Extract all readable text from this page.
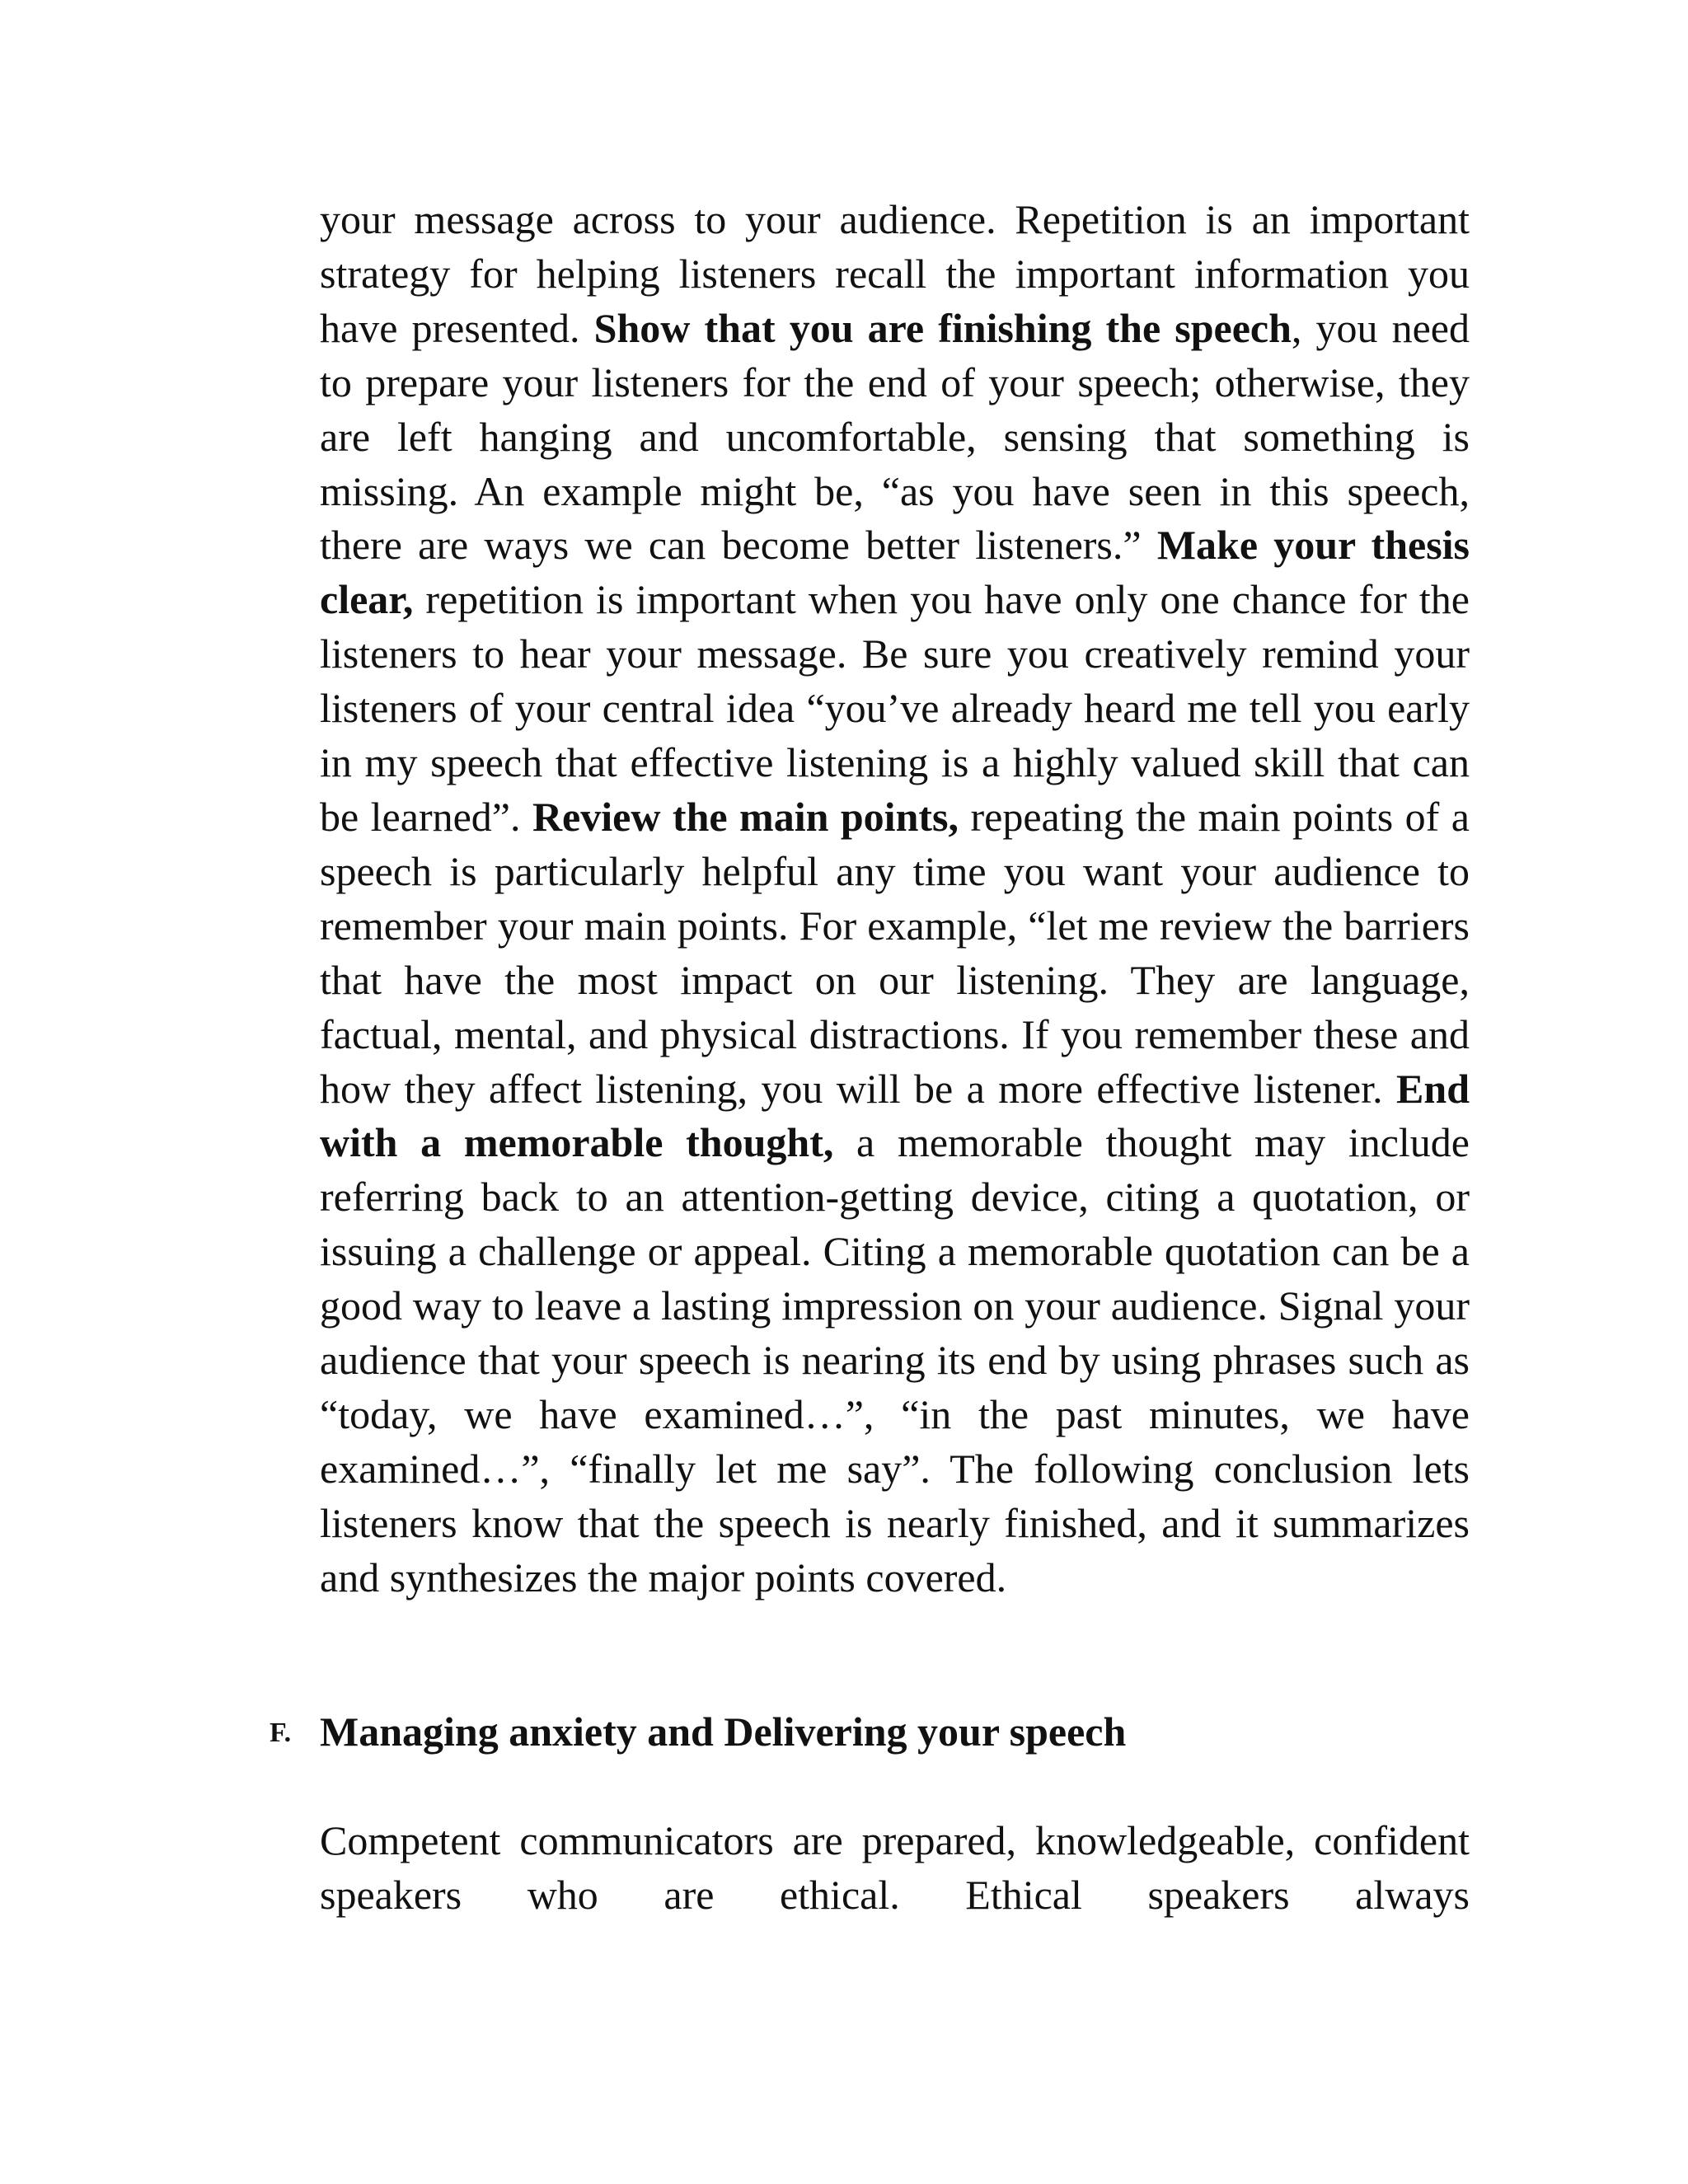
your message across to your audience. Repetition is an important strategy for helping listeners recall the important information you have presented. Show that you are finishing the speech, you need to prepare your listeners for the end of your speech; otherwise, they are left hanging and uncomfortable, sensing that something is missing. An example might be, “as you have seen in this speech, there are ways we can become better listeners.” Make your thesis clear, repetition is important when you have only one chance for the listeners to hear your message. Be sure you creatively remind your listeners of your central idea “you’ve already heard me tell you early in my speech that effective listening is a highly valued skill that can be learned”. Review the main points, repeating the main points of a speech is particularly helpful any time you want your audience to remember your main points. For example, “let me review the barriers that have the most impact on our listening. They are language, factual, mental, and physical distractions. If you remember these and how they affect listening, you will be a more effective listener. End with a memorable thought, a memorable thought may include referring back to an attention-getting device, citing a quotation, or issuing a challenge or appeal. Citing a memorable quotation can be a good way to leave a lasting impression on your audience. Signal your audience that your speech is nearing its end by using phrases such as “today, we have examined…”, “in the past minutes, we have examined…”, “finally let me say”. The following conclusion lets listeners know that the speech is nearly finished, and it summarizes and synthesizes the major points covered.

F. Managing anxiety and Delivering your speech

Competent communicators are prepared, knowledgeable, confident speakers who are ethical. Ethical speakers always
